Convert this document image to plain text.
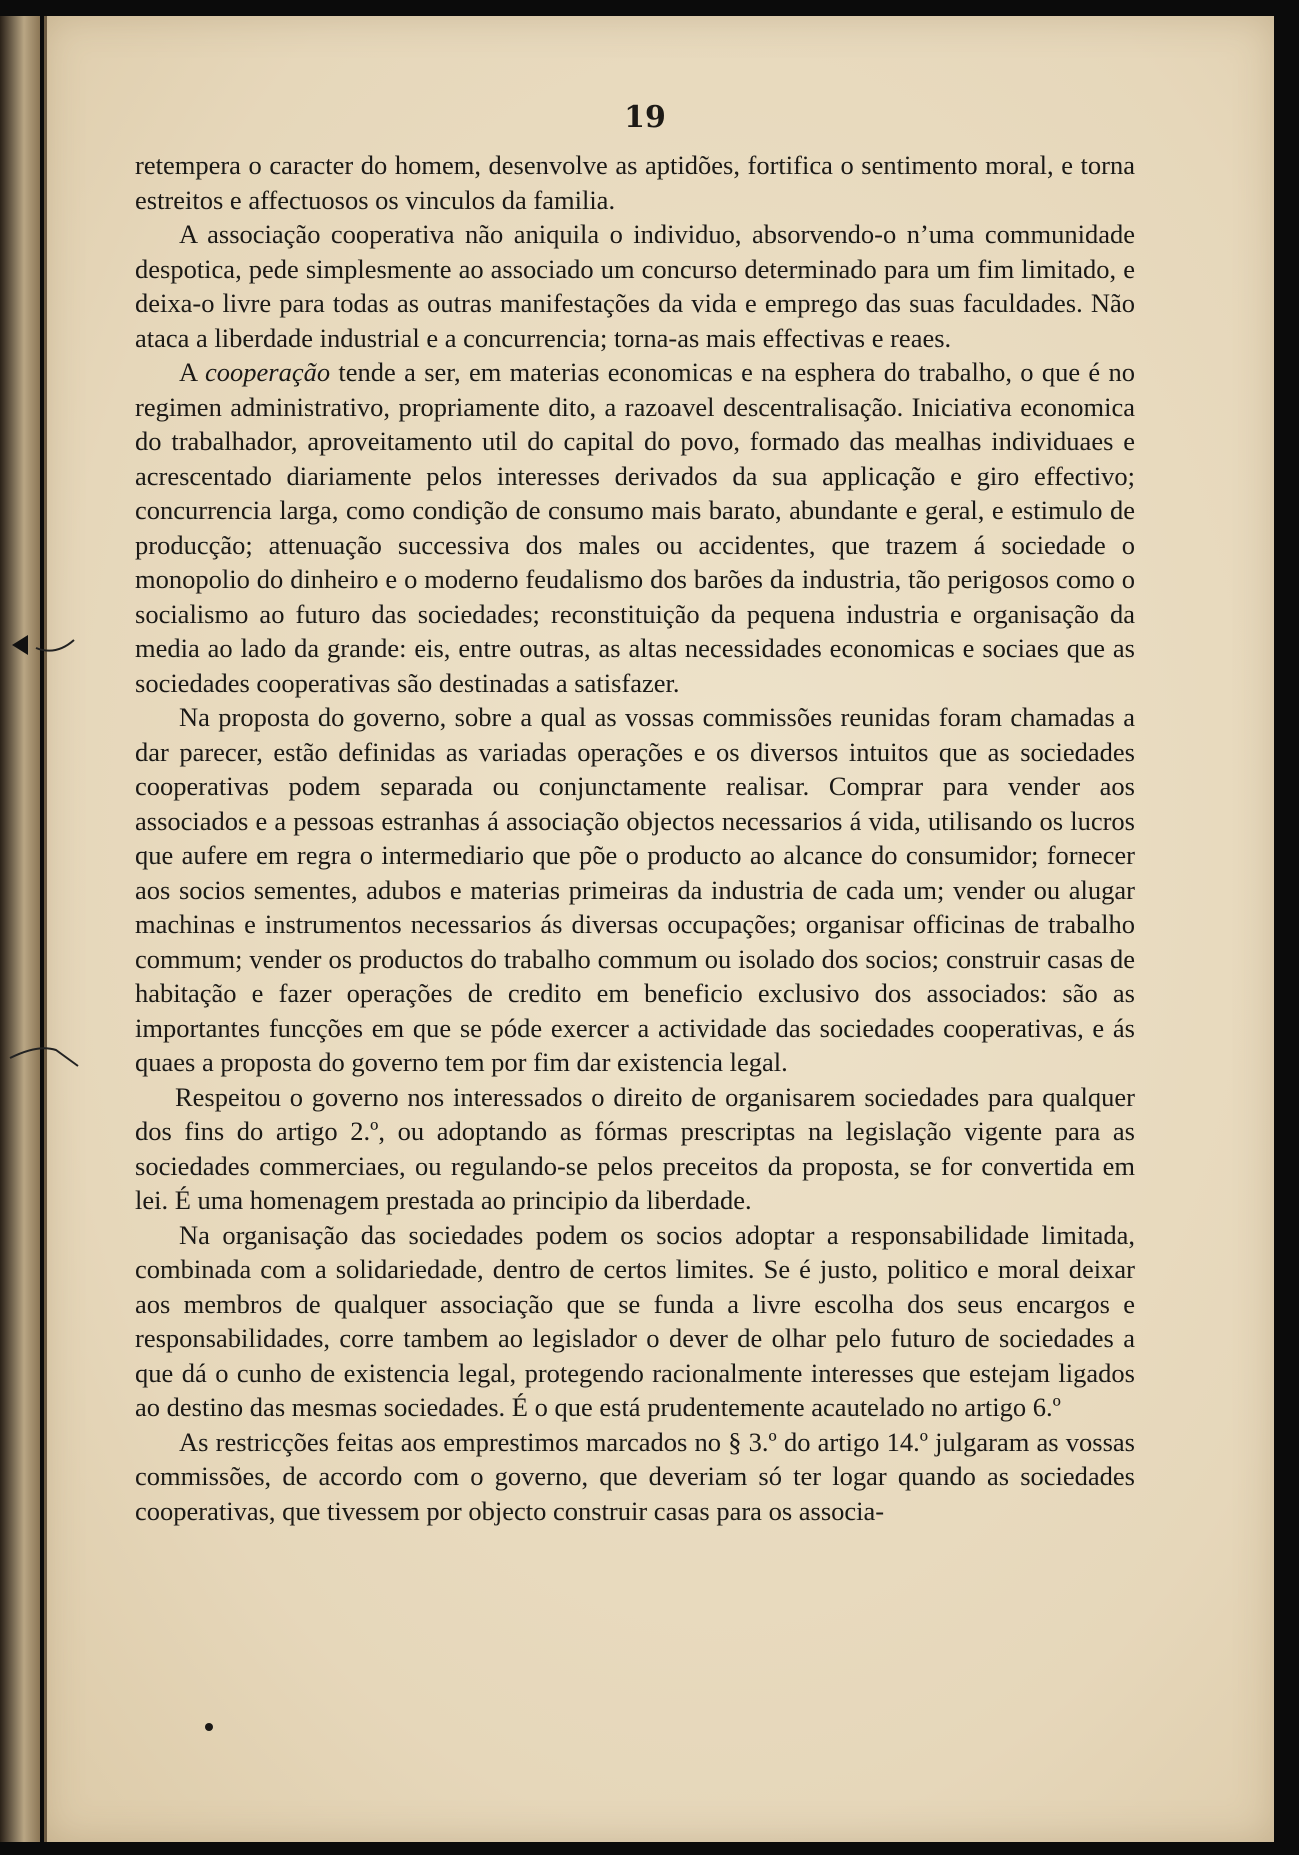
19

retempera o caracter do homem, desenvolve as aptidões, fortifica o sentimento moral, e torna estreitos e affectuosos os vinculos da familia.

A associação cooperativa não aniquila o individuo, absorvendo-o n’uma communidade despotica, pede simplesmente ao associado um concurso determinado para um fim limitado, e deixa-o livre para todas as outras manifestações da vida e emprego das suas faculdades. Não ataca a liberdade industrial e a concurrencia; torna-as mais effectivas e reaes.

A cooperação tende a ser, em materias economicas e na esphera do trabalho, o que é no regimen administrativo, propriamente dito, a razoavel descentralisação. Iniciativa economica do trabalhador, aproveitamento util do capital do povo, formado das mealhas individuaes e acrescentado diariamente pelos interesses derivados da sua applicação e giro effectivo; concurrencia larga, como condição de consumo mais barato, abundante e geral, e estimulo de producção; attenuação successiva dos males ou accidentes, que trazem á sociedade o monopolio do dinheiro e o moderno feudalismo dos barões da industria, tão perigosos como o socialismo ao futuro das sociedades; reconstituição da pequena industria e organisação da media ao lado da grande: eis, entre outras, as altas necessidades economicas e sociaes que as sociedades cooperativas são destinadas a satisfazer.

Na proposta do governo, sobre a qual as vossas commissões reunidas foram chamadas a dar parecer, estão definidas as variadas operações e os diversos intuitos que as sociedades cooperativas podem separada ou conjunctamente realisar. Comprar para vender aos associados e a pessoas estranhas á associação objectos necessarios á vida, utilisando os lucros que aufere em regra o intermediario que põe o producto ao alcance do consumidor; fornecer aos socios sementes, adubos e materias primeiras da industria de cada um; vender ou alugar machinas e instrumentos necessarios ás diversas occupações; organisar officinas de trabalho commum; vender os productos do trabalho commum ou isolado dos socios; construir casas de habitação e fazer operações de credito em beneficio exclusivo dos associados: são as importantes funcções em que se póde exercer a actividade das sociedades cooperativas, e ás quaes a proposta do governo tem por fim dar existencia legal.

Respeitou o governo nos interessados o direito de organisarem sociedades para qualquer dos fins do artigo 2.º, ou adoptando as fórmas prescriptas na legislação vigente para as sociedades commerciaes, ou regulando-se pelos preceitos da proposta, se for convertida em lei. É uma homenagem prestada ao principio da liberdade.

Na organisação das sociedades podem os socios adoptar a responsabilidade limitada, combinada com a solidariedade, dentro de certos limites. Se é justo, politico e moral deixar aos membros de qualquer associação que se funda a livre escolha dos seus encargos e responsabilidades, corre tambem ao legislador o dever de olhar pelo futuro de sociedades a que dá o cunho de existencia legal, protegendo racionalmente interesses que estejam ligados ao destino das mesmas sociedades. É o que está prudentemente acautelado no artigo 6.º

As restricções feitas aos emprestimos marcados no § 3.º do artigo 14.º julgaram as vossas commissões, de accordo com o governo, que deveriam só ter logar quando as sociedades cooperativas, que tivessem por objecto construir casas para os associa-
